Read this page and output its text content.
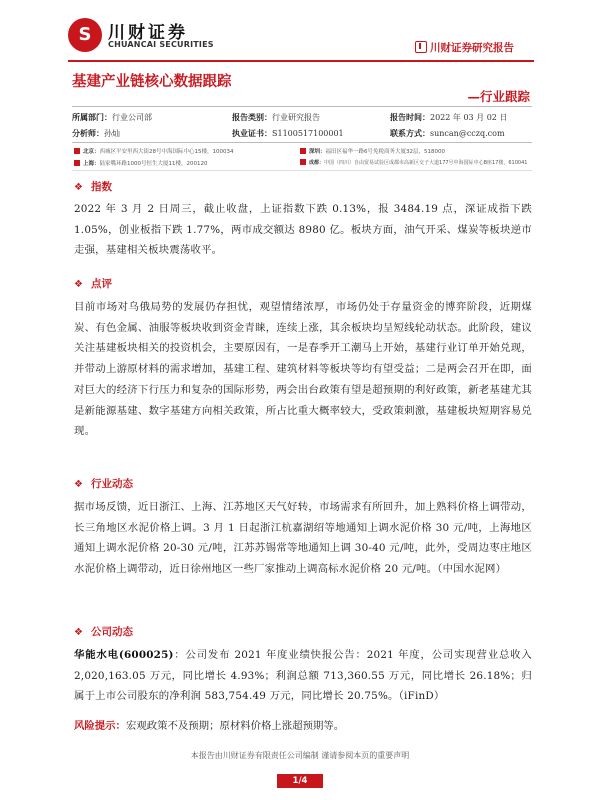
S 川财证券
CHUANCAI SECURITIES	川财证券研究报告
基建产业链核心数据跟踪
—行业跟踪
所属部门：行业公司部	报告类别：行业研究报告	报告时间：2022 年 03 月 02 日
分析师：孙灿	执业证书：S1100517100001	联系方式：suncan@cczq.com
北京：西城区平安里西大街28号中海国际中心15楼，100034	深圳：福田区福华一路6号免税商务大厦32层，518000
上海：陆家嘴环路1000号恒生大厦11楼，200120	成都：中国（四川）自由贸易试验区成都市高新区交子大道177号中海国际中心B座17楼，610041
❖ 指数
2022 年 3 月 2 日周三，截止收盘，上证指数下跌 0.13%，报 3484.19 点，深证成指下跌 1.05%，创业板指下跌 1.77%，两市成交额达 8980 亿。板块方面，油气开采、煤炭等板块逆市走强，基建相关板块震荡收平。
❖ 点评
目前市场对乌俄局势的发展仍存担忧，观望情绪浓厚，市场仍处于存量资金的博弈阶段，近期煤炭、有色金属、油服等板块收到资金青睐，连续上涨，其余板块均呈短线轮动状态。此阶段，建议关注基建板块相关的投资机会，主要原因有，一是春季开工潮马上开始，基建行业订单开始兑现，并带动上游原材料的需求增加，基建工程、建筑材料等板块等均有望受益；二是两会召开在即，面对巨大的经济下行压力和复杂的国际形势，两会出台政策有望是超预期的利好政策，新老基建尤其是新能源基建、数字基建方向相关政策，所占比重大概率较大，受政策刺激，基建板块短期容易兑现。
❖ 行业动态
据市场反馈，近日浙江、上海、江苏地区天气好转，市场需求有所回升，加上熟料价格上调带动，长三角地区水泥价格上调。3 月 1 日起浙江杭嘉湖绍等地通知上调水泥价格 30 元/吨，上海地区通知上调水泥价格 20-30 元/吨，江苏苏锡常等地通知上调 30-40 元/吨，此外，受周边枣庄地区水泥价格上调带动，近日徐州地区一些厂家推动上调高标水泥价格 20 元/吨。（中国水泥网）
❖ 公司动态
华能水电(600025)：公司发布 2021 年度业绩快报公告：2021 年度，公司实现营业总收入 2,020,163.05 万元，同比增长 4.93%；利润总额 713,360.55 万元，同比增长 26.18%；归属于上市公司股东的净利润 583,754.49 万元，同比增长 20.75%。（iFinD）
风险提示：宏观政策不及预期；原材料价格上涨超预期等。
本报告由川财证券有限责任公司编制 谨请参阅本页的重要声明
1/4
